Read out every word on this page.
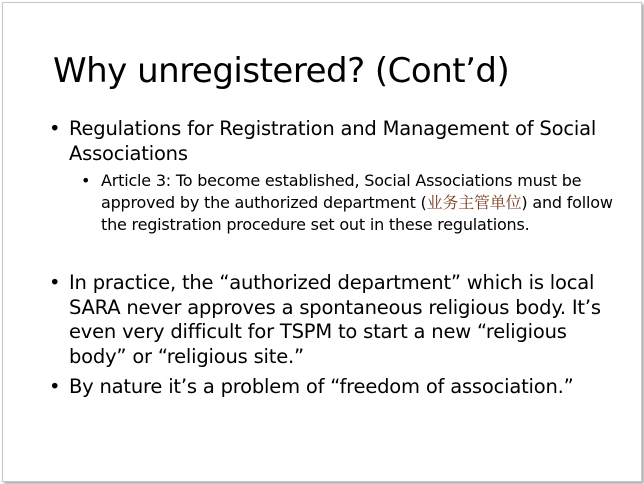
Why unregistered? (Cont’d)
• Regulations for Registration and Management of Social Associations
• Article 3: To become established, Social Associations must be approved by the authorized department (业务主管单位) and follow the registration procedure set out in these regulations.
• In practice, the “authorized department” which is local SARA never approves a spontaneous religious body. It’s even very difficult for TSPM to start a new “religious body” or “religious site.”
• By nature it’s a problem of “freedom of association.”
